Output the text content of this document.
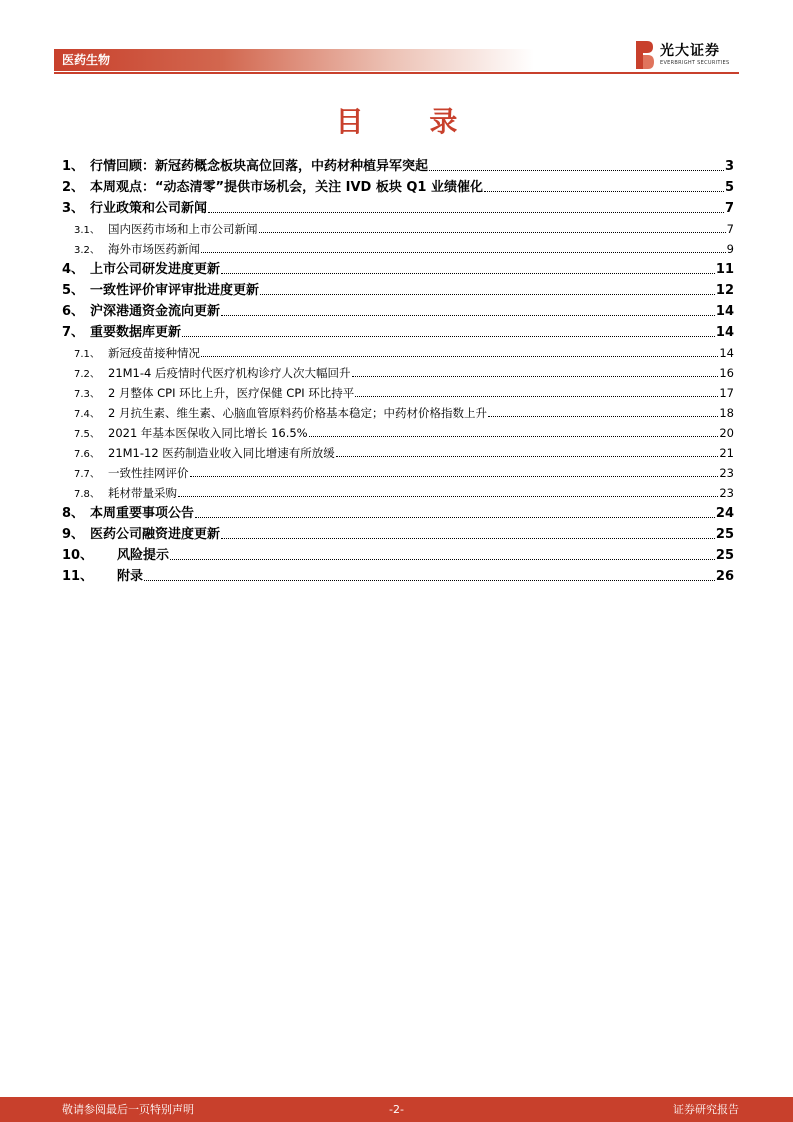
医药生物
光大证券
EVERBRIGHT SECURITIES
目 录
1、 行情回顾：新冠药概念板块高位回落，中药材种植异军突起	3
2、 本周观点：“动态清零”提供市场机会，关注 IVD 板块 Q1 业绩催化	5
3、 行业政策和公司新闻	7
3.1、 国内医药市场和上市公司新闻	7
3.2、 海外市场医药新闻	9
4、 上市公司研发进度更新	11
5、 一致性评价审评审批进度更新	12
6、 沪深港通资金流向更新	14
7、 重要数据库更新	14
7.1、 新冠疫苗接种情况	14
7.2、 21M1-4 后疫情时代医疗机构诊疗人次大幅回升	16
7.3、 2 月整体 CPI 环比上升，医疗保健 CPI 环比持平	17
7.4、 2 月抗生素、维生素、心脑血管原料药价格基本稳定；中药材价格指数上升	18
7.5、 2021 年基本医保收入同比增长 16.5%	20
7.6、 21M1-12 医药制造业收入同比增速有所放缓	21
7.7、 一致性挂网评价	23
7.8、 耗材带量采购	23
8、 本周重要事项公告	24
9、 医药公司融资进度更新	25
10、	风险提示	25
11、	附录	26
敬请参阅最后一页特别声明	-2-	证券研究报告
